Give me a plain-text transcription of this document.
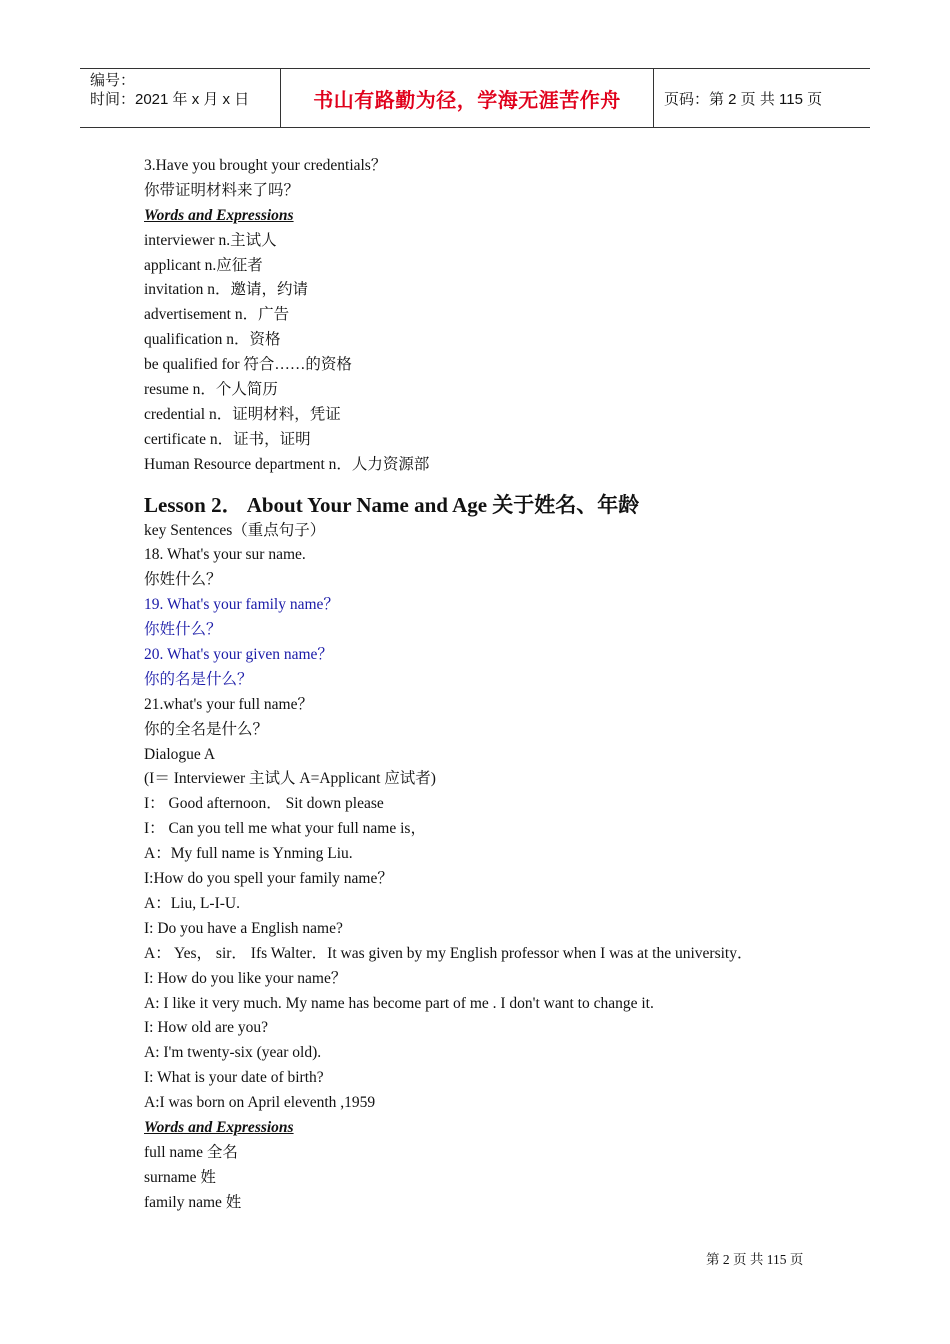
编号：
时间：2021 年 x 月 x 日	书山有路勤为径，学海无涯苦作舟	页码：第 2 页 共 115 页
3.Have you brought your credentials？
你带证明材料来了吗？
Words and Expressions
interviewer n.主试人
applicant n.应征者
invitation n．邀请，约请
advertisement n．广告
qualification n．资格
be qualified for 符合……的资格
resume n．个人简历
credential n．证明材料，凭证
certificate n．证书，证明
Human Resource department n．人力资源部
Lesson 2． About Your Name and Age 关于姓名、年龄
key Sentences（重点句子）
18. What's your sur name.
你姓什么？
19. What's your family name？
你姓什么？
20. What's your given name？
你的名是什么？
21.what's your full name？
你的全名是什么？
Dialogue A
(I＝ Interviewer 主试人 A=Applicant 应试者)
I： Good afternoon． Sit down please
I： Can you tell me what your full name is，
A：My full name is Ynming Liu.
I:How do you spell your family name？
A：Liu, L-I-U.
I: Do you have a English name?
A： Yes， sir． Ifs Walter．It was given by my English professor when I was at the university．
I: How do you like your name？
A: I like it very much. My name has become part of me . I don't want to change it.
I: How old are you?
A: I'm twenty-six (year old).
I: What is your date of birth?
A:I was born on April eleventh ,1959
Words and Expressions
full name 全名
surname 姓
family name 姓
第 2 页 共 115 页
